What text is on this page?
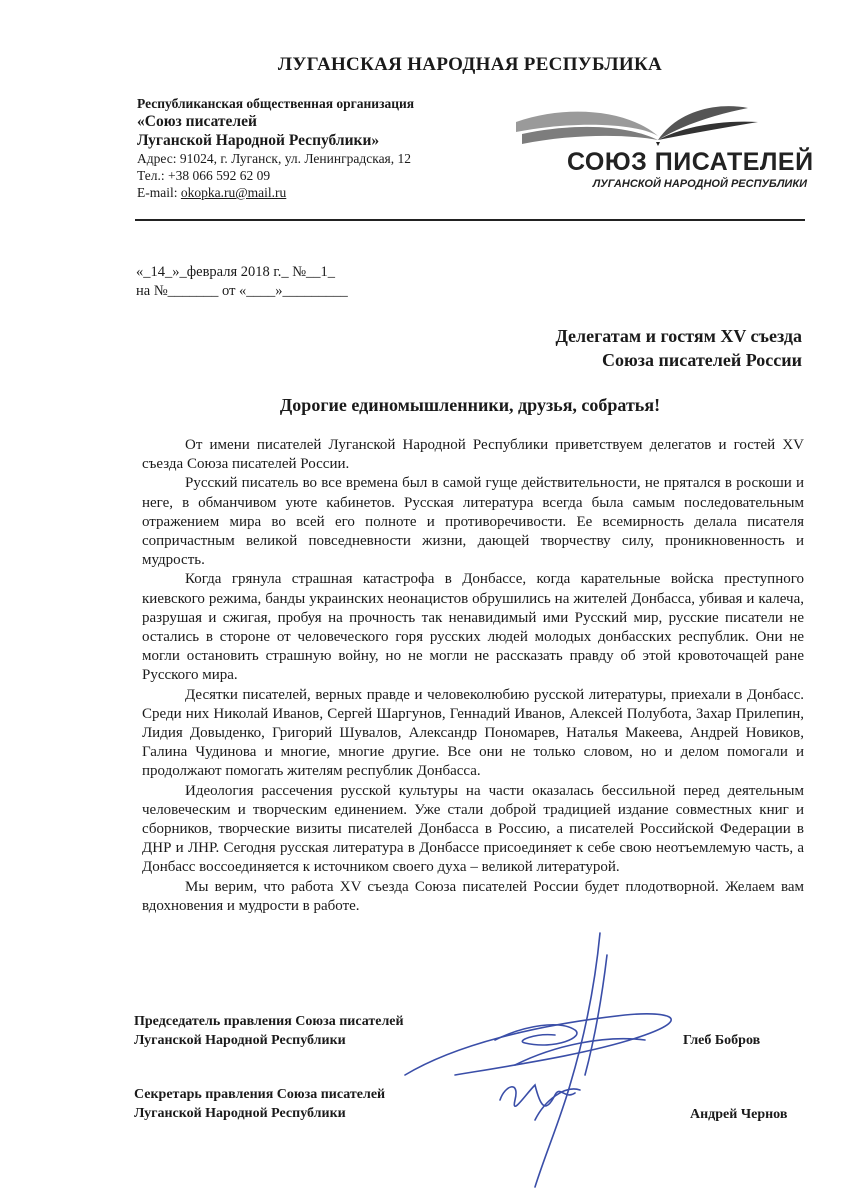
ЛУГАНСКАЯ НАРОДНАЯ РЕСПУБЛИКА
Республиканская общественная организация
«Союз писателей
Луганской Народной Республики»
Адрес: 91024, г. Луганск, ул. Ленинградская, 12
Тел.: +38 066 592 62 09
E-mail: okopka.ru@mail.ru
СОЮЗ ПИСАТЕЛЕЙ
ЛУГАНСКОЙ НАРОДНОЙ РЕСПУБЛИКИ
«_14_»_февраля 2018 г._ №__1_
на №_______ от «____»_________
Делегатам и гостям XV съезда
Союза писателей России
Дорогие единомышленники, друзья, собратья!

От имени писателей Луганской Народной Республики приветствуем делегатов и гостей XV съезда Союза писателей России.

Русский писатель во все времена был в самой гуще действительности, не прятался в роскоши и неге, в обманчивом уюте кабинетов. Русская литература всегда была самым последовательным отражением мира во всей его полноте и противоречивости. Ее всемирность делала писателя сопричастным великой повседневности жизни, дающей творчеству силу, проникновенность и мудрость.

Когда грянула страшная катастрофа в Донбассе, когда карательные войска преступного киевского режима, банды украинских неонацистов обрушились на жителей Донбасса, убивая и калеча, разрушая и сжигая, пробуя на прочность так ненавидимый ими Русский мир, русские писатели не остались в стороне от человеческого горя русских людей молодых донбасских республик. Они не могли остановить страшную войну, но не могли не рассказать правду об этой кровоточащей ране Русского мира.

Десятки писателей, верных правде и человеколюбию русской литературы, приехали в Донбасс. Среди них Николай Иванов, Сергей Шаргунов, Геннадий Иванов, Алексей Полубота, Захар Прилепин, Лидия Довыденко, Григорий Шувалов, Александр Пономарев, Наталья Макеева, Андрей Новиков, Галина Чудинова и многие, многие другие. Все они не только словом, но и делом помогали и продолжают помогать жителям республик Донбасса.

Идеология рассечения русской культуры на части оказалась бессильной перед деятельным человеческим и творческим единением. Уже стали доброй традицией издание совместных книг и сборников, творческие визиты писателей Донбасса в Россию, а писателей Российской Федерации в ДНР и ЛНР. Сегодня русская литература в Донбассе присоединяет к себе свою неотъемлемую часть, а Донбасс воссоединяется к источником своего духа – великой литературой.

Мы верим, что работа XV съезда Союза писателей России будет плодотворной. Желаем вам вдохновения и мудрости в работе.

Председатель правления Союза писателей
Луганской Народной Республики	Глеб Бобров
Секретарь правления Союза писателей
Луганской Народной Республики	Андрей Чернов
